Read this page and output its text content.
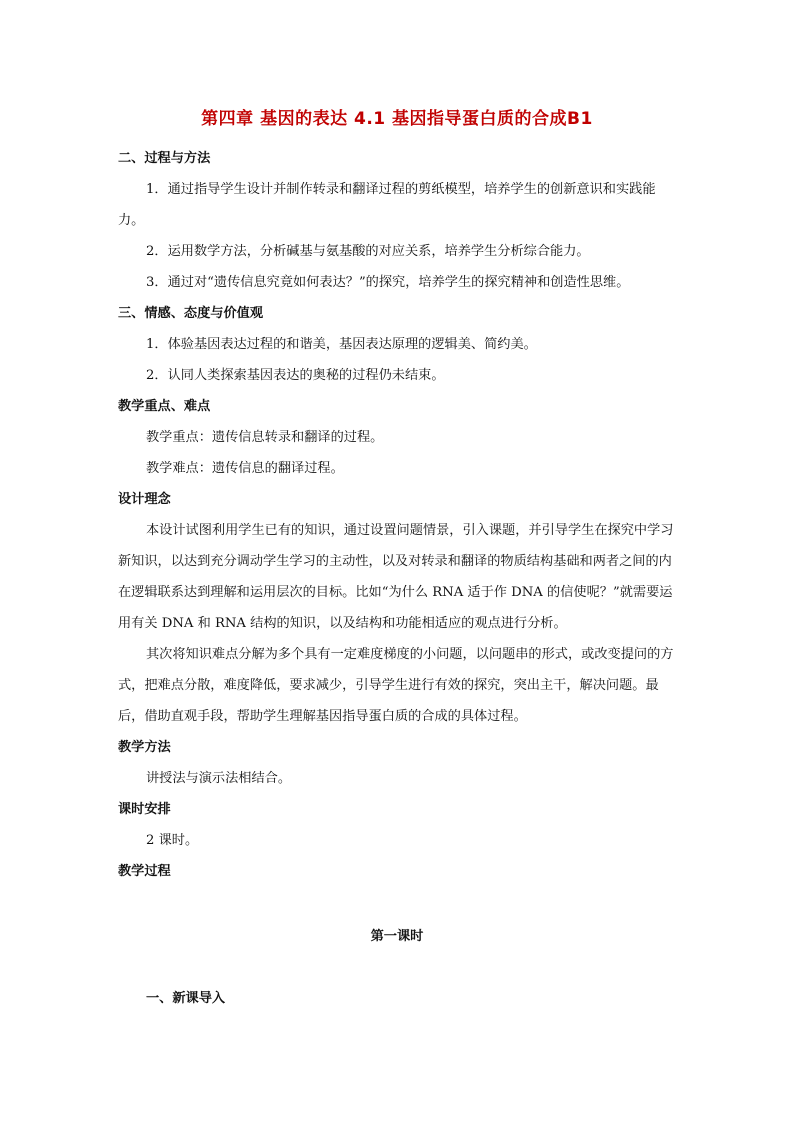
第四章 基因的表达 4.1 基因指导蛋白质的合成B1

二、过程与方法

1．通过指导学生设计并制作转录和翻译过程的剪纸模型，培养学生的创新意识和实践能力。

2．运用数学方法，分析碱基与氨基酸的对应关系，培养学生分析综合能力。

3．通过对“遗传信息究竟如何表达？”的探究，培养学生的探究精神和创造性思维。

三、情感、态度与价值观

1．体验基因表达过程的和谐美，基因表达原理的逻辑美、简约美。

2．认同人类探索基因表达的奥秘的过程仍未结束。

教学重点、难点

教学重点：遗传信息转录和翻译的过程。

教学难点：遗传信息的翻译过程。

设计理念

本设计试图利用学生已有的知识，通过设置问题情景，引入课题，并引导学生在探究中学习新知识，以达到充分调动学生学习的主动性，以及对转录和翻译的物质结构基础和两者之间的内在逻辑联系达到理解和运用层次的目标。比如“为什么 RNA 适于作 DNA 的信使呢？”就需要运用有关 DNA 和 RNA 结构的知识，以及结构和功能相适应的观点进行分析。

其次将知识难点分解为多个具有一定难度梯度的小问题，以问题串的形式，或改变提问的方式，把难点分散，难度降低，要求减少，引导学生进行有效的探究，突出主干，解决问题。最后，借助直观手段，帮助学生理解基因指导蛋白质的合成的具体过程。

教学方法

讲授法与演示法相结合。

课时安排

2 课时。

教学过程

第一课时
一、新课导入
